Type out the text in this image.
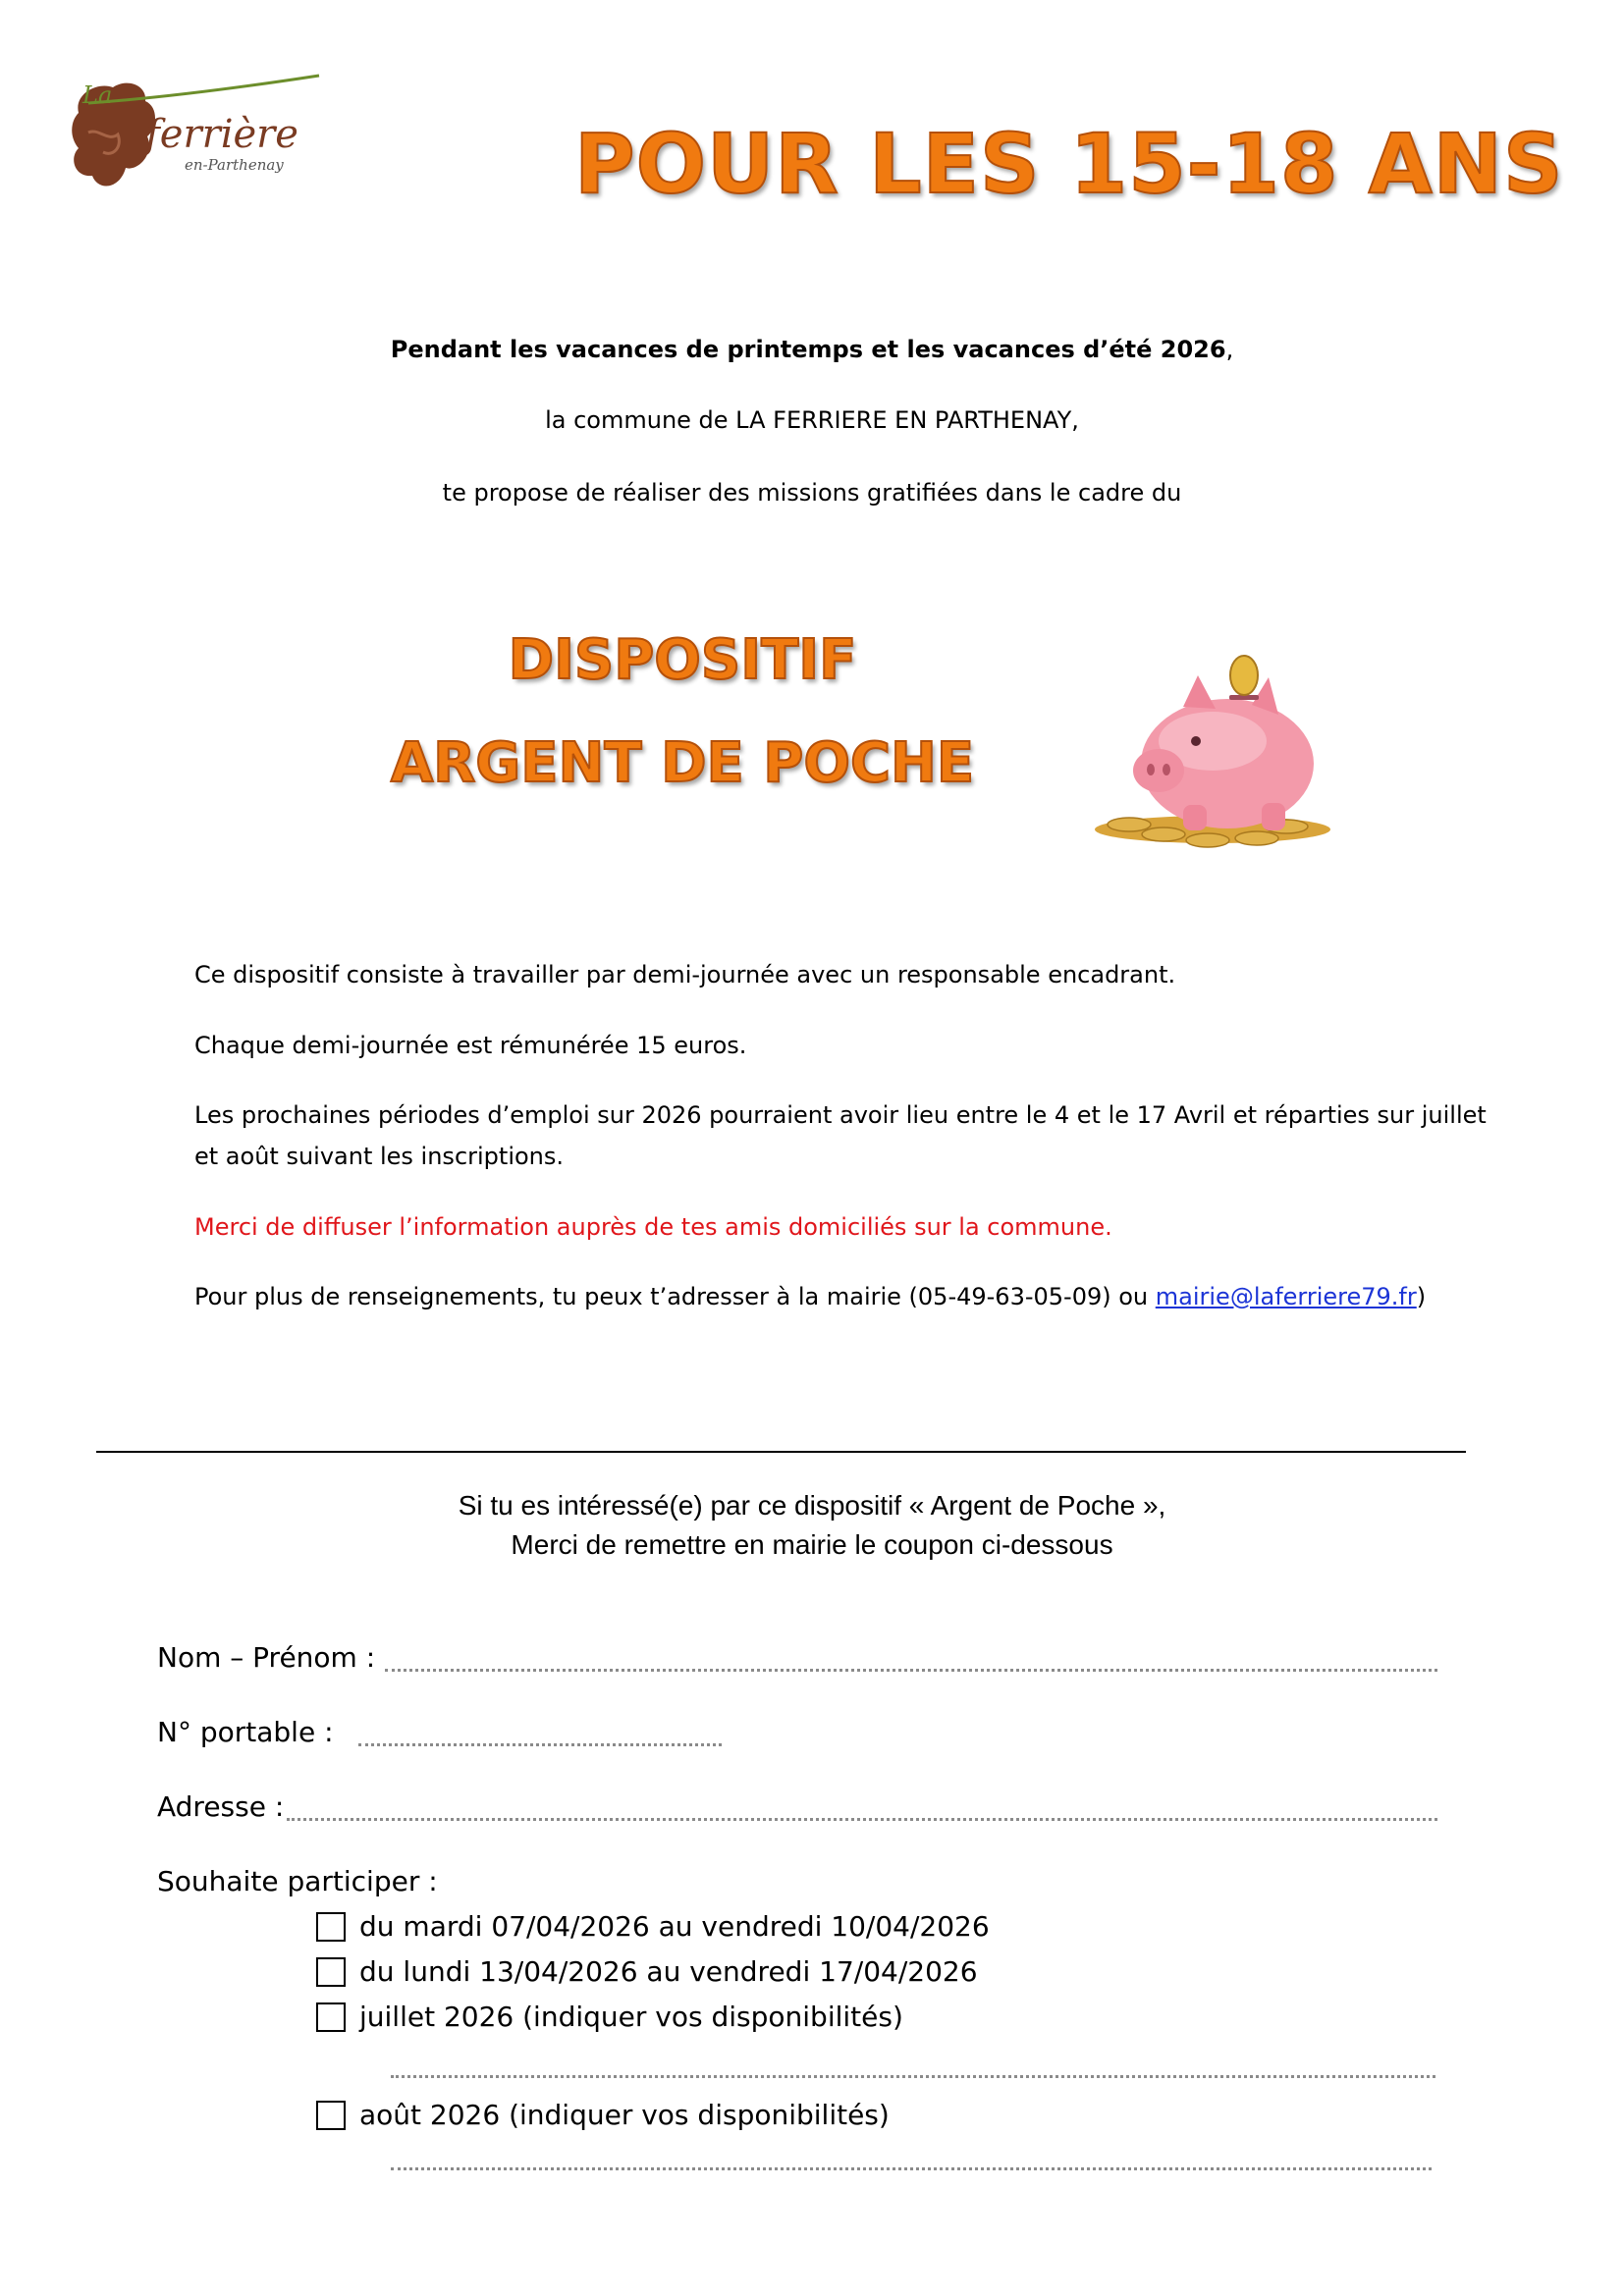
La
ferrière
en-Parthenay	POUR LES 15-18 ANS
Pendant les vacances de printemps et les vacances d’été 2026,
la commune de LA FERRIERE EN PARTHENAY,
te propose de réaliser des missions gratifiées dans le cadre du
DISPOSITIF
ARGENT DE POCHE
Ce dispositif consiste à travailler par demi-journée avec un responsable encadrant.
Chaque demi-journée est rémunérée 15 euros.
Les prochaines périodes d’emploi sur 2026 pourraient avoir lieu entre le 4 et le 17 Avril et réparties sur juillet et août suivant les inscriptions.
Merci de diffuser l’information auprès de tes amis domiciliés sur la commune.
Pour plus de renseignements, tu peux t’adresser à la mairie (05-49-63-05-09) ou mairie@laferriere79.fr)
Si tu es intéressé(e) par ce dispositif « Argent de Poche »,
Merci de remettre en mairie le coupon ci-dessous
Nom – Prénom :
N° portable :
Adresse :
Souhaite participer :
du mardi 07/04/2026 au vendredi 10/04/2026
du lundi 13/04/2026 au vendredi 17/04/2026
juillet 2026 (indiquer vos disponibilités)
août 2026 (indiquer vos disponibilités)
